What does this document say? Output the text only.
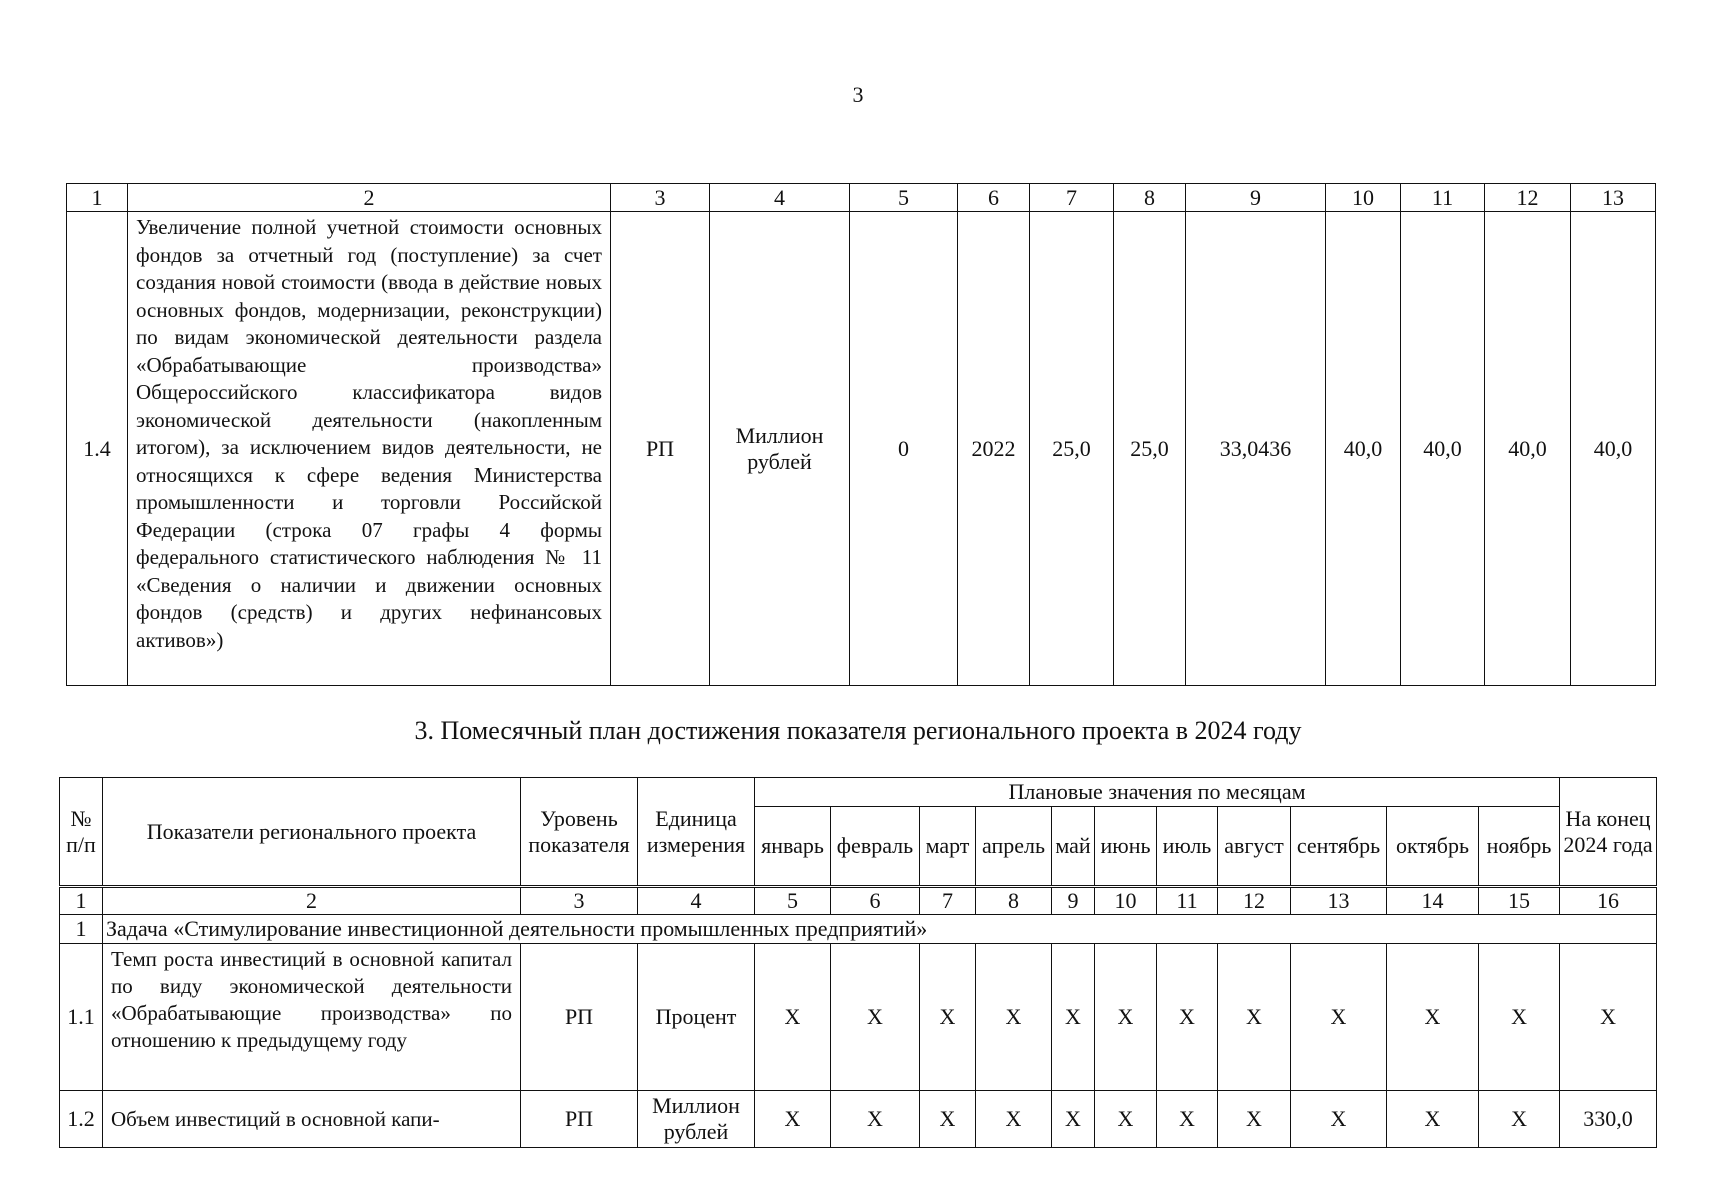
3
1	2	3	4	5	6	7	8	9	10	11	12	13
1.4	Увеличение полной учетной стоимости основных фондов за отчетный год (поступление) за счет создания новой стоимости (ввода в действие новых основных фондов, модернизации, реконструкции) по видам экономической деятельности раздела «Обрабатывающие производства» Общероссийского классификатора видов экономической деятельности (накопленным итогом), за исключением видов деятельности, не относящихся к сфере ведения Министерства промышленности и торговли Российской Федерации (строка 07 графы 4 формы федерального статистического наблюдения № 11 «Сведения о наличии и движении основных фондов (средств) и других нефинансовых активов»)	РП	Миллион рублей	0	2022	25,0	25,0	33,0436	40,0	40,0	40,0	40,0
3. Помесячный план достижения показателя регионального проекта в 2024 году
№ п/п	Показатели регионального проекта	Уровень показателя	Единица измерения	Плановые значения по месяцам											На конец 2024 года
				январь	февраль	март	апрель	май	июнь	июль	август	сентябрь	октябрь	ноябрь	
1	2	3	4	5	6	7	8	9	10	11	12	13	14	15	16
1	Задача «Стимулирование инвестиционной деятельности промышленных предприятий»														
1.1	Темп роста инвестиций в основной капитал по виду экономической деятельности «Обрабатывающие производства» по отношению к предыдущему году	РП	Процент	X	X	X	X	X	X	X	X	X	X	X	X
1.2	Объем инвестиций в основной капи-	РП	Миллион рублей	X	X	X	X	X	X	X	X	X	X	X	330,0
